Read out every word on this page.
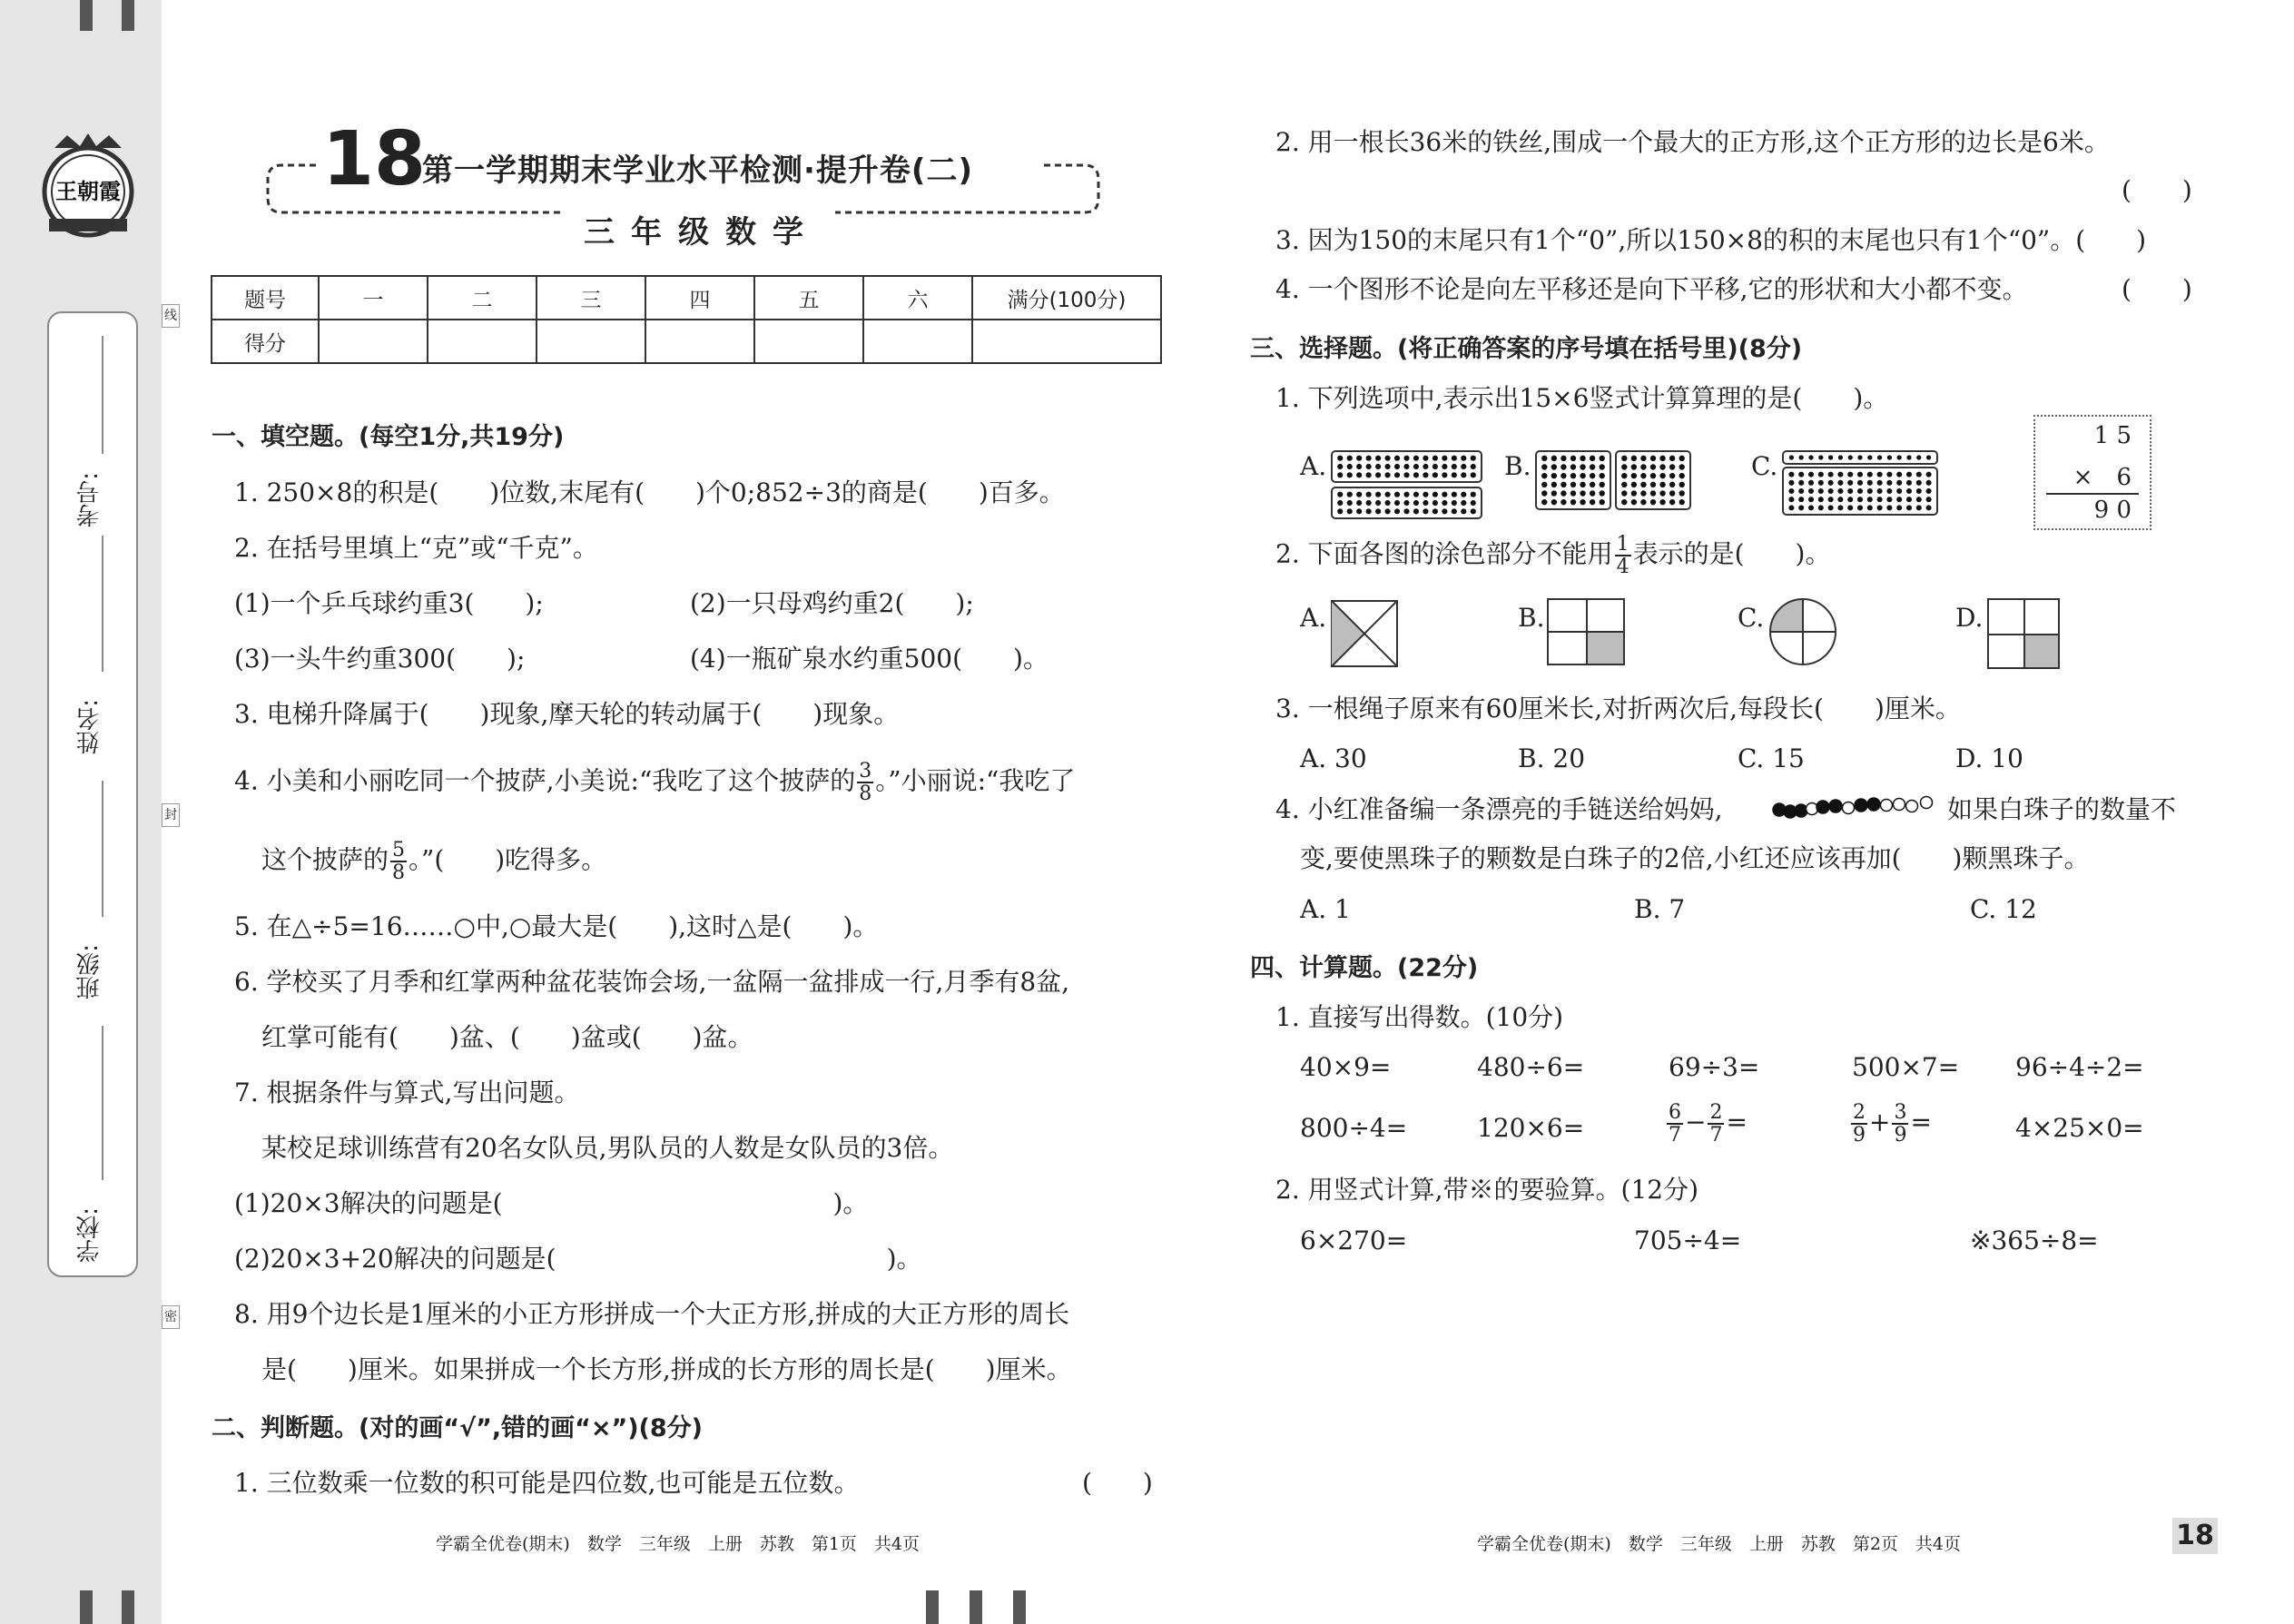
王朝霞
考号:
姓名:
班级:
学校:
线
封
密
18
第一学期期末学业水平检测·提升卷(二)
三年级数学
题号	一	二	三	四	五	六	满分(100分)
得分							
一、填空题。(每空1分,共19分)
1. 250×8的积是(　　)位数,末尾有(　　)个0;852÷3的商是(　　)百多。
2. 在括号里填上“克”或“千克”。
(1)一个乒乓球约重3(　　);	(2)一只母鸡约重2(　　);
(3)一头牛约重300(　　);	(4)一瓶矿泉水约重500(　　)。
3. 电梯升降属于(　　)现象,摩天轮的转动属于(　　)现象。
4. 小美和小丽吃同一个披萨,小美说:“我吃了这个披萨的 $\frac{3}{8}$ 。”小丽说:“我吃了
这个披萨的 $\frac{5}{8}$ 。”(　　)吃得多。
5. 在△÷5=16……○中,○最大是(　　),这时△是(　　)。
6. 学校买了月季和红掌两种盆花装饰会场,一盆隔一盆排成一行,月季有8盆,
红掌可能有(　　)盆、(　　)盆或(　　)盆。
7. 根据条件与算式,写出问题。
某校足球训练营有20名女队员,男队员的人数是女队员的3倍。
(1)20×3解决的问题是(　　　　　　　　　　　　　)。
(2)20×3+20解决的问题是(　　　　　　　　　　　　　)。
8. 用9个边长是1厘米的小正方形拼成一个大正方形,拼成的大正方形的周长
是(　　)厘米。如果拼成一个长方形,拼成的长方形的周长是(　　)厘米。
二、判断题。(对的画“√”,错的画“×”)(8分)
1. 三位数乘一位数的积可能是四位数,也可能是五位数。	(　　)
学霸全优卷(期末)　数学　三年级　上册　苏教　第1页　共4页
2. 用一根长36米的铁丝,围成一个最大的正方形,这个正方形的边长是6米。
(　　)
3. 因为150的末尾只有1个“0”,所以150×8的积的末尾也只有1个“0”。(　　)
4. 一个图形不论是向左平移还是向下平移,它的形状和大小都不变。	(　　)
三、选择题。(将正确答案的序号填在括号里)(8分)
1. 下列选项中,表示出15×6竖式计算算理的是(　　)。
A.	B.	C.
1 5
×　6
9 0
2. 下面各图的涂色部分不能用 $\frac{1}{4}$ 表示的是(　　)。
A.	B.	C.	D.
3. 一根绳子原来有60厘米长,对折两次后,每段长(　　)厘米。
A. 30	B. 20	C. 15	D. 10
4. 小红准备编一条漂亮的手链送给妈妈,	如果白珠子的数量不
变,要使黑珠子的颗数是白珠子的2倍,小红还应该再加(　　)颗黑珠子。
A. 1	B. 7	C. 12
四、计算题。(22分)
1. 直接写出得数。(10分)
40×9=	480÷6=	69÷3=	500×7= 96÷4÷2=
800÷4=	120×6=	$\frac{6}{7} - \frac{2}{7}$ =	$\frac{2}{9} + \frac{3}{9}$ =	4×25×0=
2. 用竖式计算,带※的要验算。(12分)
6×270=	705÷4=	※365÷8=
学霸全优卷(期末)　数学　三年级　上册　苏教　第2页　共4页	18
